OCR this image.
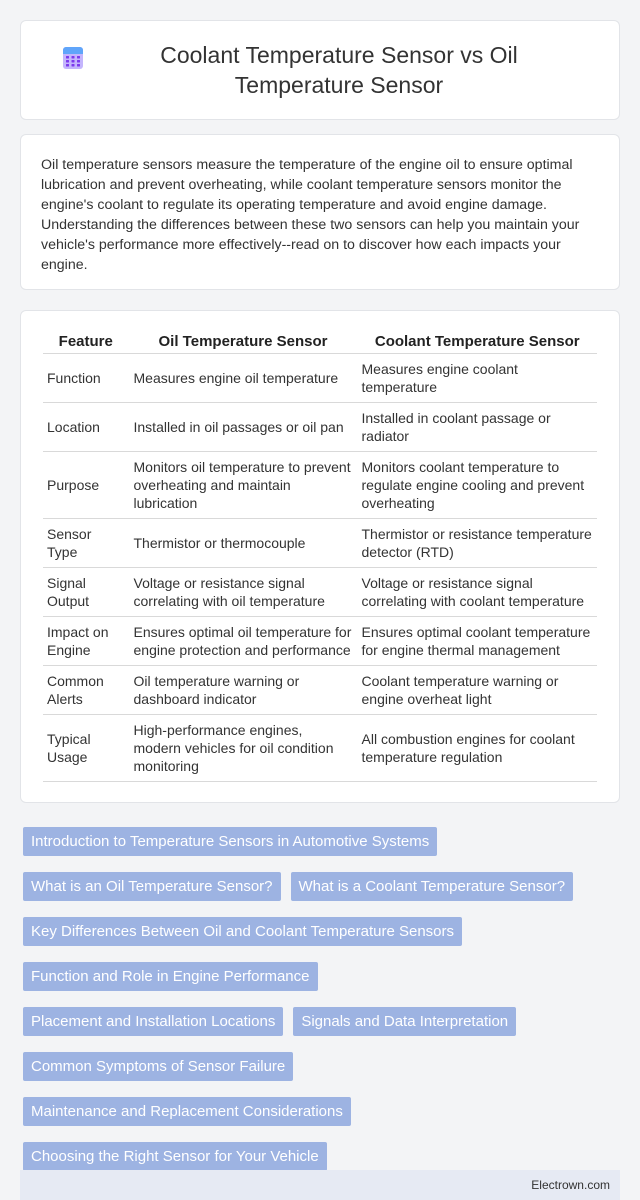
Coolant Temperature Sensor vs Oil Temperature Sensor

Oil temperature sensors measure the temperature of the engine oil to ensure optimal lubrication and prevent overheating, while coolant temperature sensors monitor the engine's coolant to regulate its operating temperature and avoid engine damage. Understanding the differences between these two sensors can help you maintain your vehicle's performance more effectively--read on to discover how each impacts your engine.

Feature	Oil Temperature Sensor	Coolant Temperature Sensor
Function	Measures engine oil temperature	Measures engine coolant temperature
Location	Installed in oil passages or oil pan	Installed in coolant passage or radiator
Purpose	Monitors oil temperature to prevent overheating and maintain lubrication	Monitors coolant temperature to regulate engine cooling and prevent overheating
Sensor Type	Thermistor or thermocouple	Thermistor or resistance temperature detector (RTD)
Signal Output	Voltage or resistance signal correlating with oil temperature	Voltage or resistance signal correlating with coolant temperature
Impact on Engine	Ensures optimal oil temperature for engine protection and performance	Ensures optimal coolant temperature for engine thermal management
Common Alerts	Oil temperature warning or dashboard indicator	Coolant temperature warning or engine overheat light
Typical Usage	High-performance engines, modern vehicles for oil condition monitoring	All combustion engines for coolant temperature regulation
Introduction to Temperature Sensors in Automotive Systems
What is an Oil Temperature Sensor?	What is a Coolant Temperature Sensor?
Key Differences Between Oil and Coolant Temperature Sensors
Function and Role in Engine Performance
Placement and Installation Locations	Signals and Data Interpretation
Common Symptoms of Sensor Failure
Maintenance and Replacement Considerations
Choosing the Right Sensor for Your Vehicle
Electrown.com
